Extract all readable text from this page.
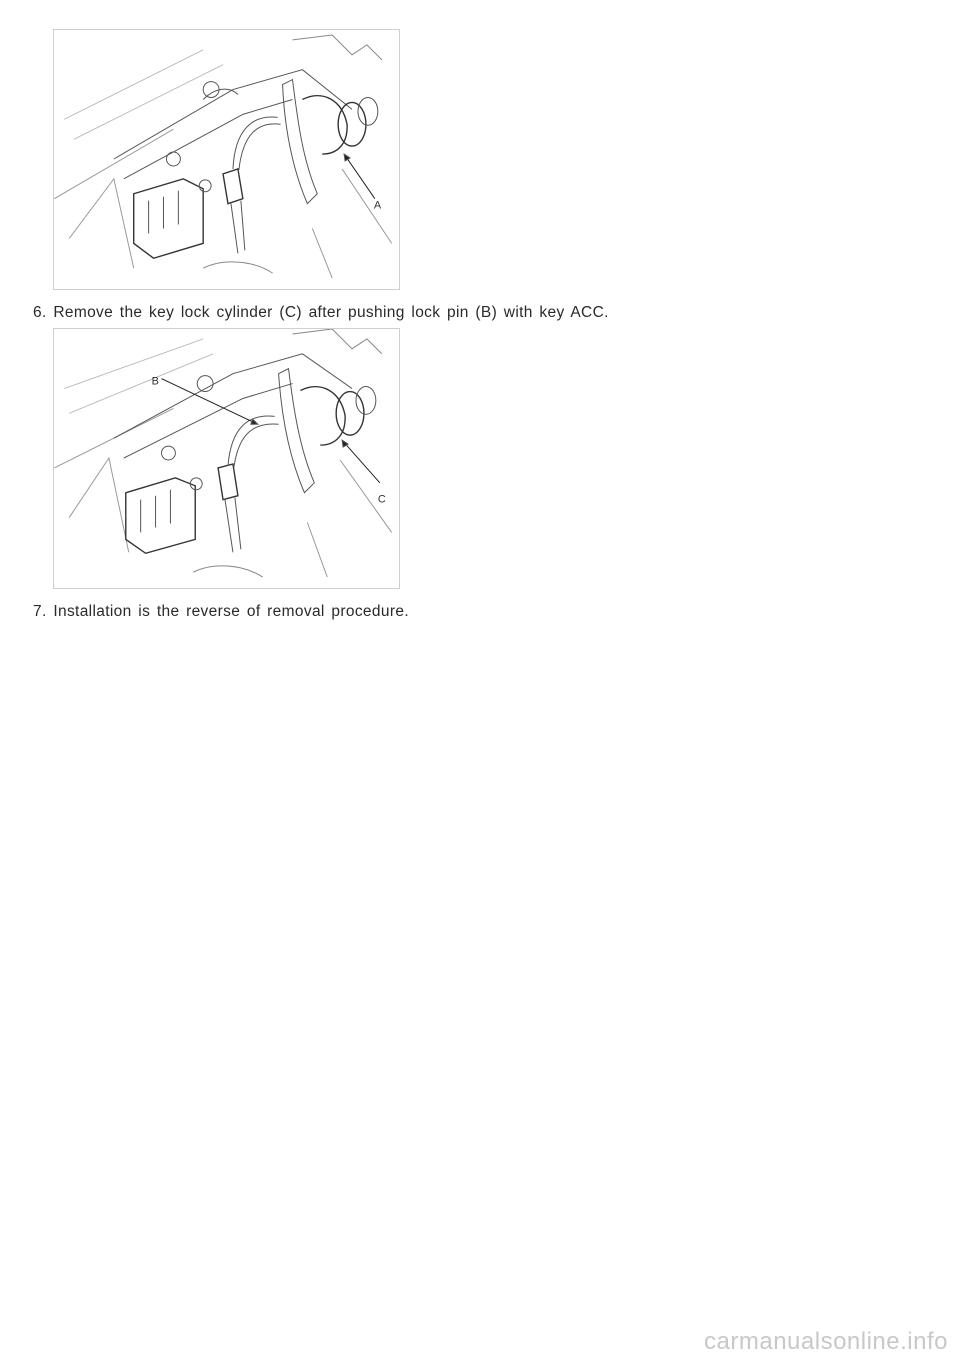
A
6. Remove the key lock cylinder (C) after pushing lock pin (B) with key ACC.
B
C
7. Installation is the reverse of removal procedure.
carmanualsonline.info
